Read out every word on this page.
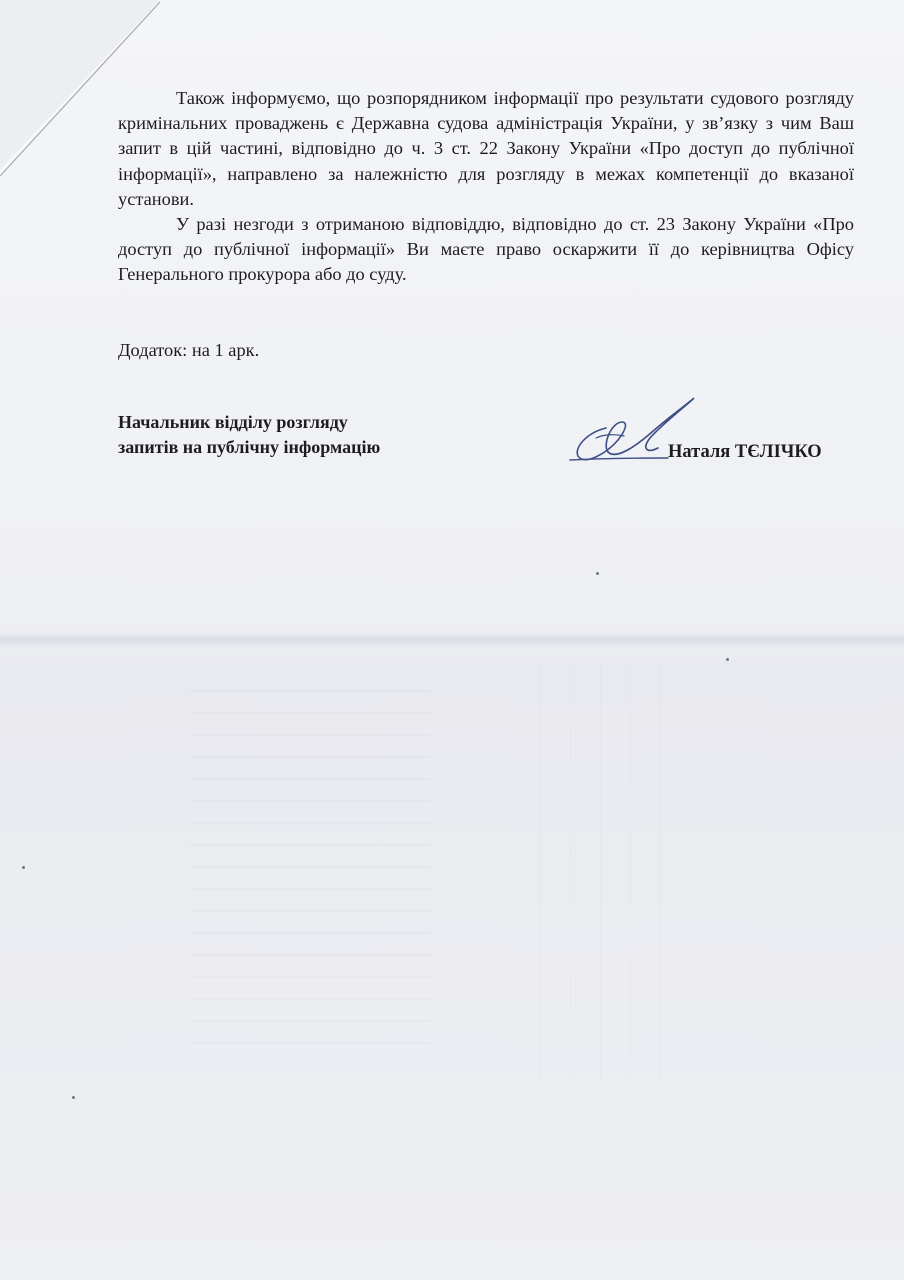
Також інформуємо, що розпорядником інформації про результати судового розгляду кримінальних проваджень є Державна судова адміністрація України, у зв’язку з чим Ваш запит в цій частині, відповідно до ч. 3 ст. 22 Закону України «Про доступ до публічної інформації», направлено за належністю для розгляду в межах компетенції до вказаної установи.

У разі незгоди з отриманою відповіддю, відповідно до ст. 23 Закону України «Про доступ до публічної інформації» Ви маєте право оскаржити її до керівництва Офісу Генерального прокурора або до суду.

Додаток: на 1 арк.

Начальник відділу розгляду
запитів на публічну інформацію	Наталя ТЄЛІЧКО
